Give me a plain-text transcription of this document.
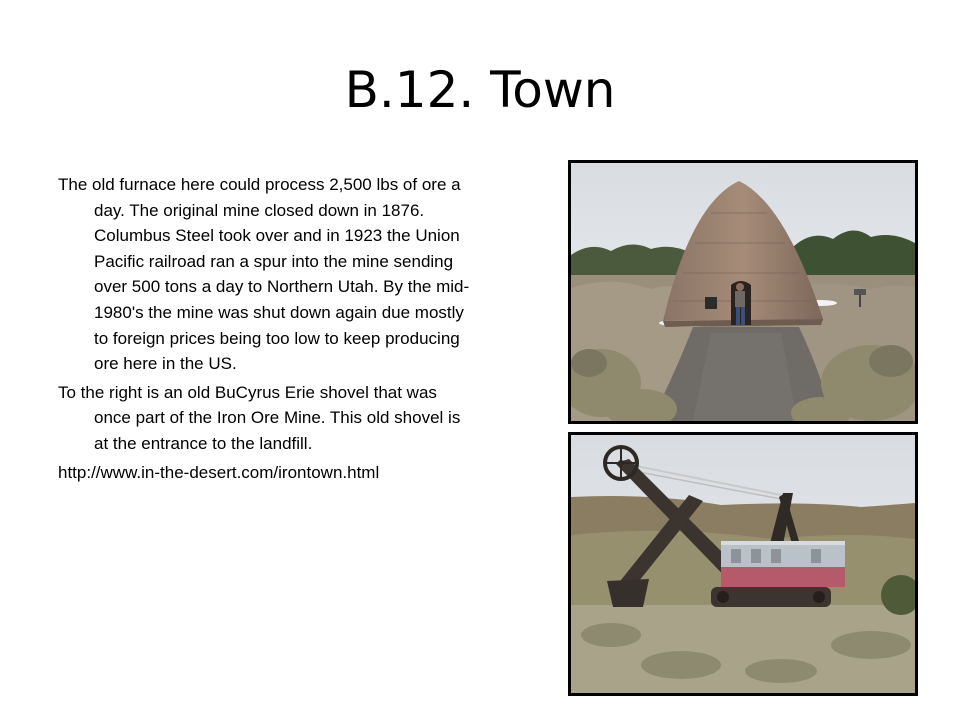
B.12. Town

The old furnace here could process 2,500 lbs of ore a day. The original mine closed down in 1876. Columbus Steel took over and in 1923 the Union Pacific railroad ran a spur into the mine sending over 500 tons a day to Northern Utah. By the mid-1980's the mine was shut down again due mostly to foreign prices being too low to keep producing ore here in the US.

To the right is an old BuCyrus Erie shovel that was once part of the Iron Ore Mine. This old shovel is at the entrance to the landfill.

http://www.in-the-desert.com/irontown.html
